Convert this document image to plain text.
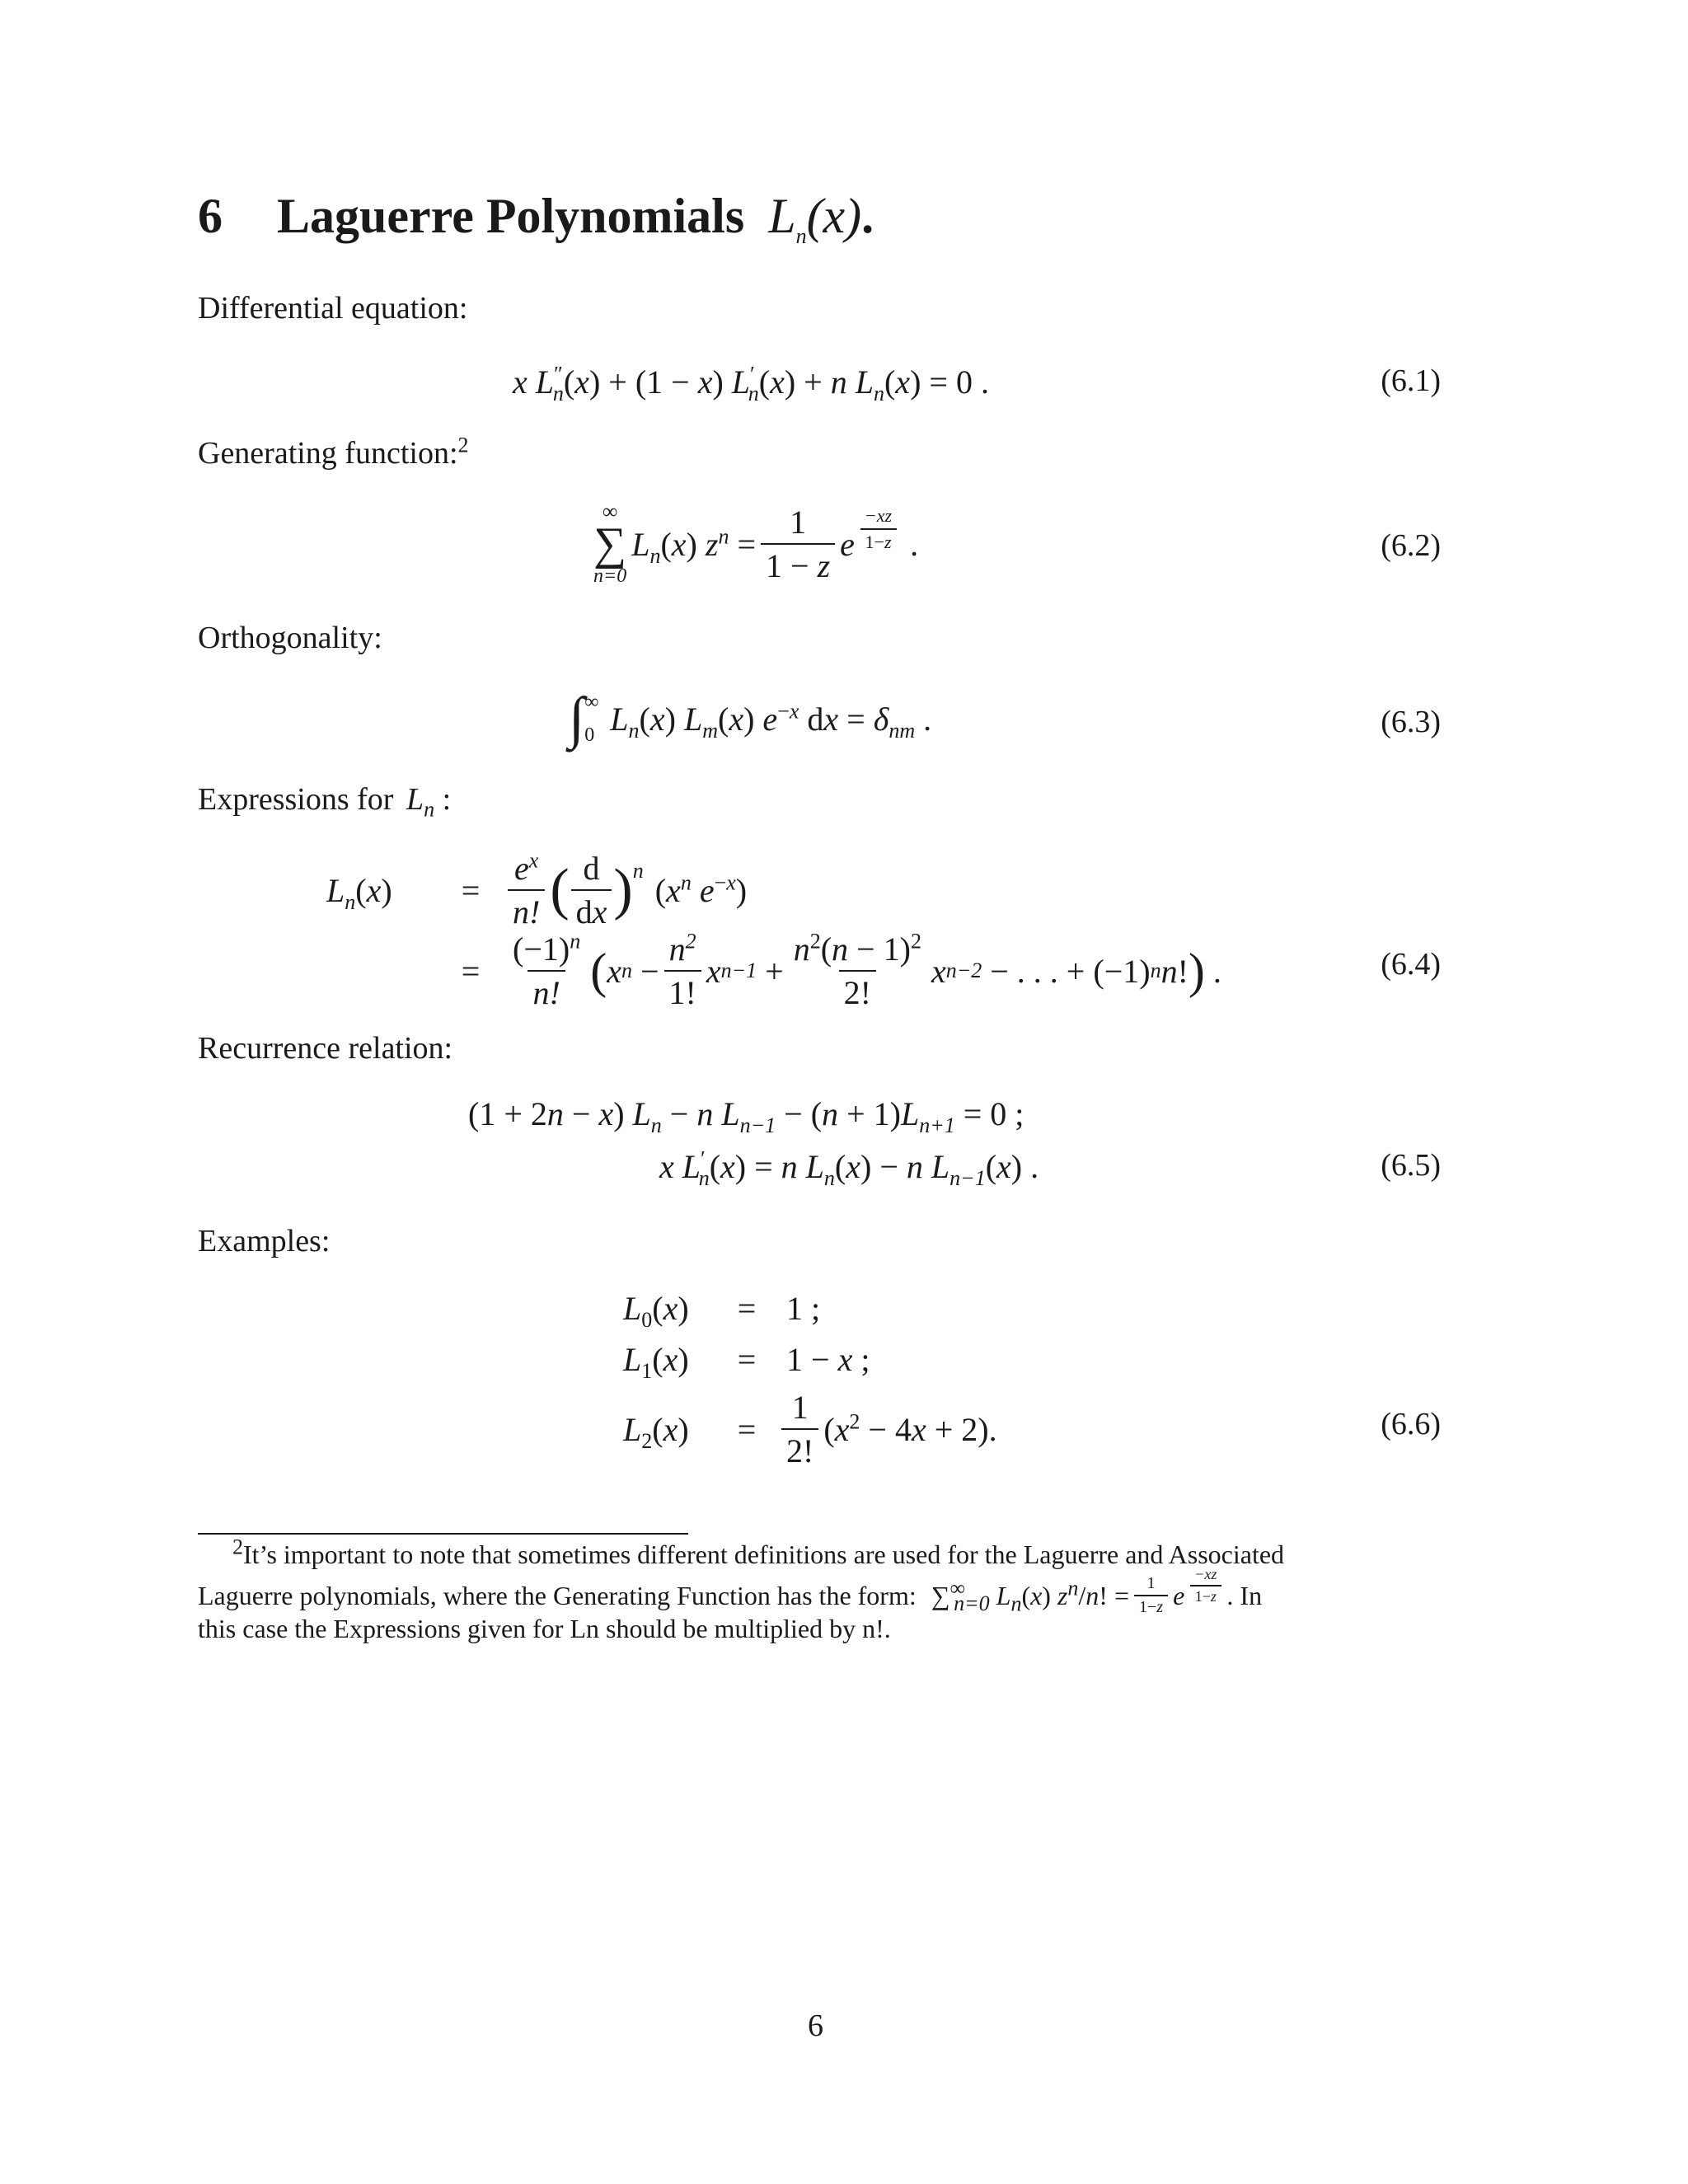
6 Laguerre Polynomials $L_n(x)$.
Differential equation:
x $L''_n(x) + (1 - x) L'_n(x) + n$ $L_n(x) = 0$ .	(6.1)
Generating function:$^2$
∞
∑
n=0
$L_n(x) z^n = \frac{1}{1 - z}$ e $\frac{-xz}{1-z}$ .	(6.2)
Orthogonality:
∫ ∞
0 $L_n(x)$ $L_m(x)$ $e^{-x}$ dx = $\delta_{nm}$ .	(6.3)
Expressions for $L_n$ :
$L_n(x)$	= $\frac{e^x}{n!}$ ( $\frac{d}{dx}$ ) n
($x^n$ $e^{-x}$)
= $\frac{(-1)^n}{n!}$ ( x $n - \frac{n^2}{1!}$ x $n-1 + \frac{n^2(n - 1)^2}{2!}$ x n−2 − . . . + (−1) n n ! ) .	(6.4)
Recurrence relation:
(1 + 2n − x) $L_n - n$ $L_{n-1} - (n + 1)L_{n+1} = 0$ ;
x $L'_n(x) = n$ $L_n(x) - n$ $L_{n-1}(x)$ .	(6.5)
Examples:
$L_0(x)$	= 1 ;
$L_1(x)$	= 1 − x ;
$L_2(x)$	= $\frac{1}{2!} (x^2 - 4x + 2)$.	(6.6)
$^2$It’s important to note that sometimes different definitions are used for the Laguerre and Associated
Laguerre polynomials, where the Generating Function has the form: $\sum^\infty_{n=0}$ $L_n(x) z^n/n$! = $\frac{1}{1-z}$ e $\frac{-xz}{1-z}$ . In
this case the Expressions given for Ln should be multiplied by n!.
6
